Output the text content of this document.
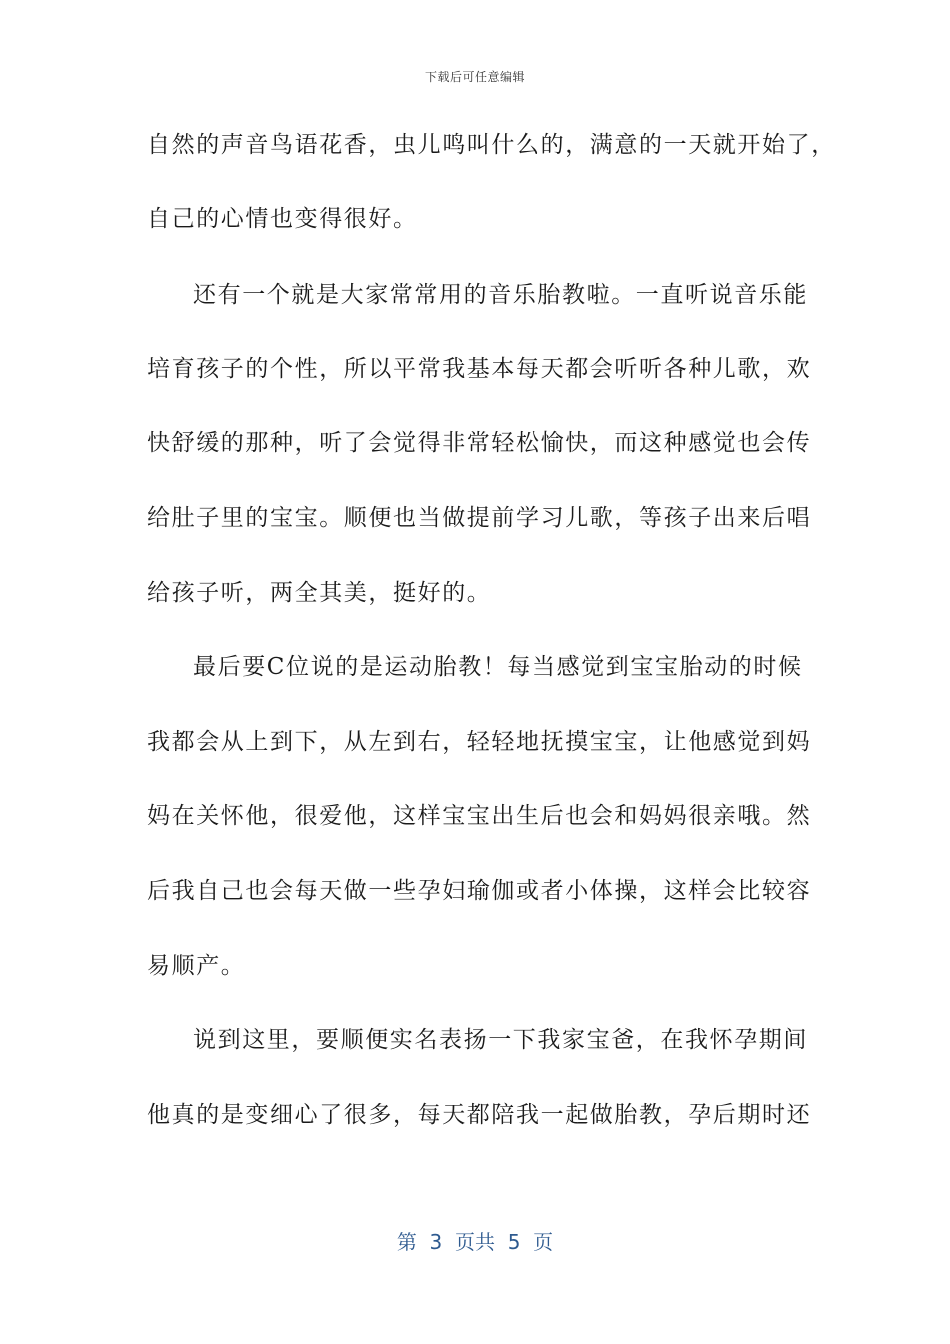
下载后可任意编辑
自然的声音鸟语花香，虫儿鸣叫什么的，满意的一天就开始了，
自己的心情也变得很好。
还有一个就是大家常常用的音乐胎教啦。一直听说音乐能
培育孩子的个性，所以平常我基本每天都会听听各种儿歌，欢
快舒缓的那种，听了会觉得非常轻松愉快，而这种感觉也会传
给肚子里的宝宝。顺便也当做提前学习儿歌，等孩子出来后唱
给孩子听，两全其美，挺好的。
最后要C位说的是运动胎教！每当感觉到宝宝胎动的时候
我都会从上到下，从左到右，轻轻地抚摸宝宝，让他感觉到妈
妈在关怀他，很爱他，这样宝宝出生后也会和妈妈很亲哦。然
后我自己也会每天做一些孕妇瑜伽或者小体操，这样会比较容
易顺产。
说到这里，要顺便实名表扬一下我家宝爸，在我怀孕期间
他真的是变细心了很多，每天都陪我一起做胎教，孕后期时还
第  3  页共  5  页
